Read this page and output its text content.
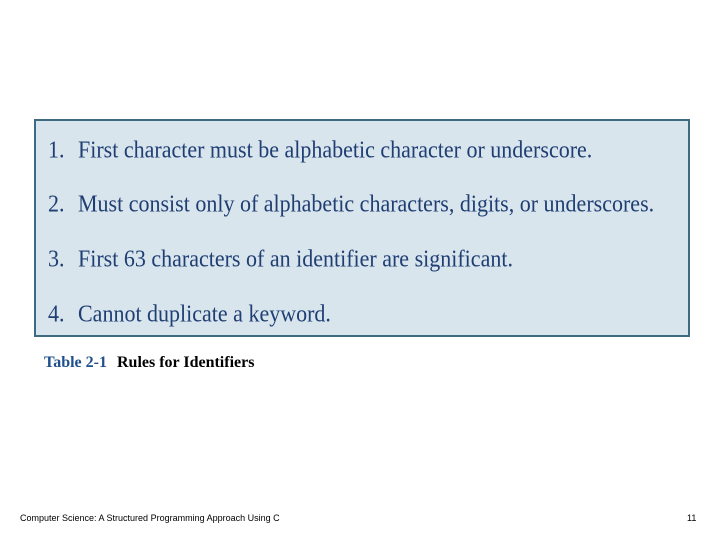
1. First character must be alphabetic character or underscore.
2. Must consist only of alphabetic characters, digits, or underscores.
3. First 63 characters of an identifier are significant.
4. Cannot duplicate a keyword.
Table 2-1 Rules for Identifiers
Computer Science: A Structured Programming Approach Using C	11
